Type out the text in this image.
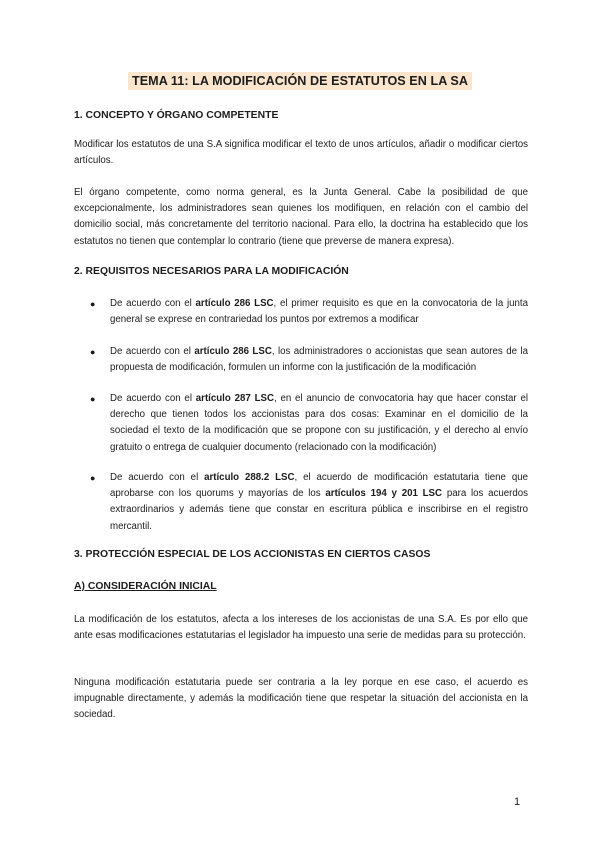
TEMA 11: LA MODIFICACIÓN DE ESTATUTOS EN LA SA

1. CONCEPTO Y ÓRGANO COMPETENTE

Modificar los estatutos de una S.A significa modificar el texto de unos artículos, añadir o modificar ciertos artículos.

El órgano competente, como norma general, es la Junta General. Cabe la posibilidad de que excepcionalmente, los administradores sean quienes los modifiquen, en relación con el cambio del domicilio social, más concretamente del territorio nacional. Para ello, la doctrina ha establecido que los estatutos no tienen que contemplar lo contrario (tiene que preverse de manera expresa).

2. REQUISITOS NECESARIOS PARA LA MODIFICACIÓN

● De acuerdo con el artículo 286 LSC, el primer requisito es que en la convocatoria de la junta general se exprese en contrariedad los puntos por extremos a modificar

● De acuerdo con el artículo 286 LSC, los administradores o accionistas que sean autores de la propuesta de modificación, formulen un informe con la justificación de la modificación

● De acuerdo con el artículo 287 LSC, en el anuncio de convocatoria hay que hacer constar el derecho que tienen todos los accionistas para dos cosas: Examinar en el domicilio de la sociedad el texto de la modificación que se propone con su justificación, y el derecho al envío gratuito o entrega de cualquier documento (relacionado con la modificación)

● De acuerdo con el artículo 288.2 LSC, el acuerdo de modificación estatutaria tiene que aprobarse con los quorums y mayorías de los artículos 194 y 201 LSC para los acuerdos extraordinarios y además tiene que constar en escritura pública e inscribirse en el registro mercantil.

3. PROTECCIÓN ESPECIAL DE LOS ACCIONISTAS EN CIERTOS CASOS

A) CONSIDERACIÓN INICIAL

La modificación de los estatutos, afecta a los intereses de los accionistas de una S.A. Es por ello que ante esas modificaciones estatutarias el legislador ha impuesto una serie de medidas para su protección.

Ninguna modificación estatutaria puede ser contraria a la ley porque en ese caso, el acuerdo es impugnable directamente, y además la modificación tiene que respetar la situación del accionista en la sociedad.

1
